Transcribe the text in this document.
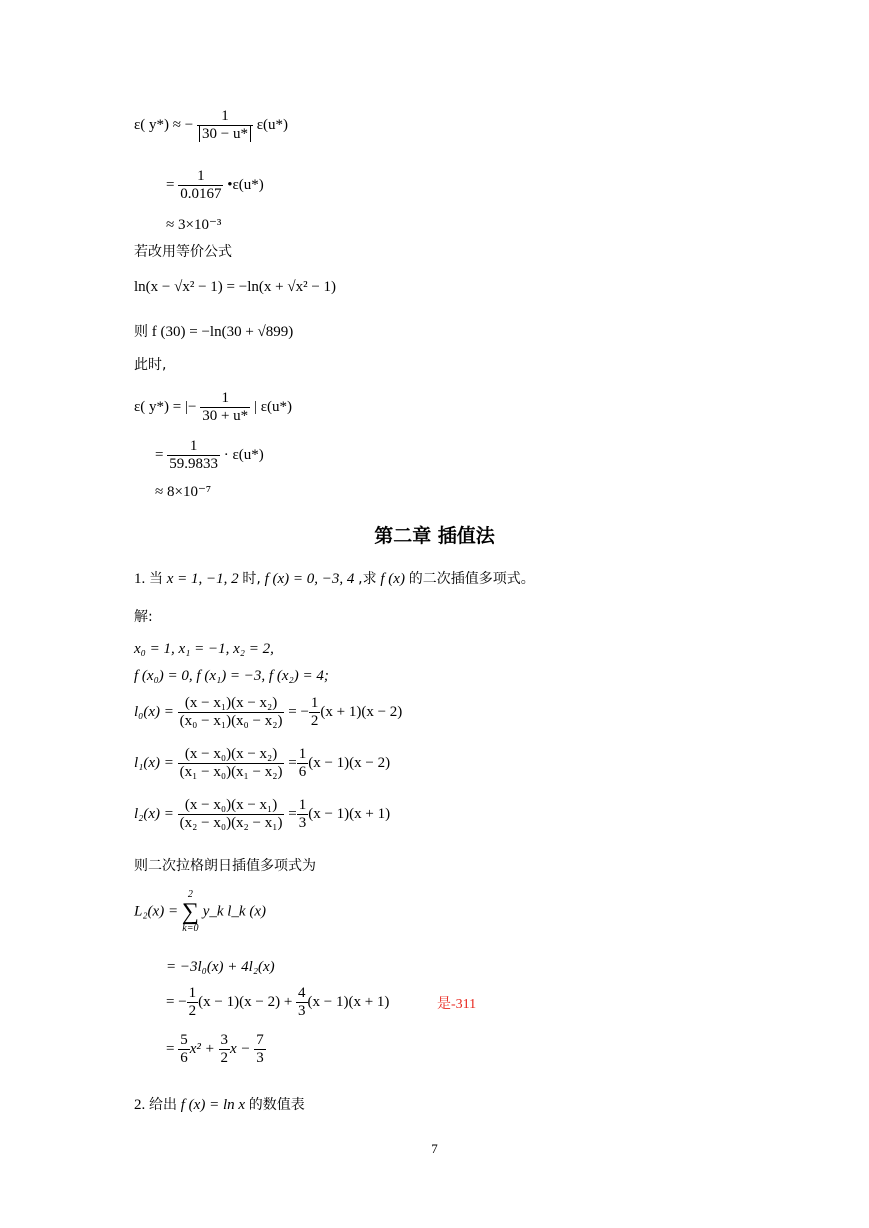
ε( y*) ≈ − $\frac{1}{30 - u*} \varepsilon(u*)$
= $\frac{1}{0.0167}$ •ε(u*)
≈ 3×10⁻³
若改用等价公式
ln(x − √x² − 1) = −ln(x + √x² − 1)
则 f (30) = −ln(30 + √899)
此时,
ε( y*) = |− $\frac{1}{30 + u*}$ | ε(u*)
= $\frac{1}{59.9833} \cdot \varepsilon(u*)$
≈ 8×10⁻⁷
第二章 插值法
1. 当 x = 1, −1, 2 时, f (x) = 0, −3, 4 ,求 f (x) 的二次插值多项式。
解:
x₀ = 1, x₁ = −1, x₂ = 2,
f (x₀) = 0, f (x₁) = −3, f (x₂) = 4;
$l_0(x) = \frac{\text{(x − x₁)(x − x₂)}}{\text{(x₀ − x₁)(x₀ − x₂)}}$ = − $\frac{1}{2} (x + 1)(x - 2)$
$l_1(x) = \frac{\text{(x − x₀)(x − x₂)}}{\text{(x₁ − x₀)(x₁ − x₂)}} = \frac{1}{6} (x - 1)(x - 2)$
$l_2(x) = \frac{\text{(x − x₀)(x − x₁)}}{\text{(x₂ − x₀)(x₂ − x₁)}} = \frac{1}{3} (x - 1)(x + 1)$
则二次拉格朗日插值多项式为
L₂(x) =
2
∑
k=0
y_k l_k (x)
= −3l₀(x) + 4l₂(x)
= − $\frac{1}{2} (x - 1)(x - 2) + \frac{4}{3} (x - 1)(x + 1)$	是-311
= $\frac{5}{6} x^2 + \frac{3}{2}$ $x - \frac{7}{3}$
2. 给出 f (x) = ln x 的数值表
7
